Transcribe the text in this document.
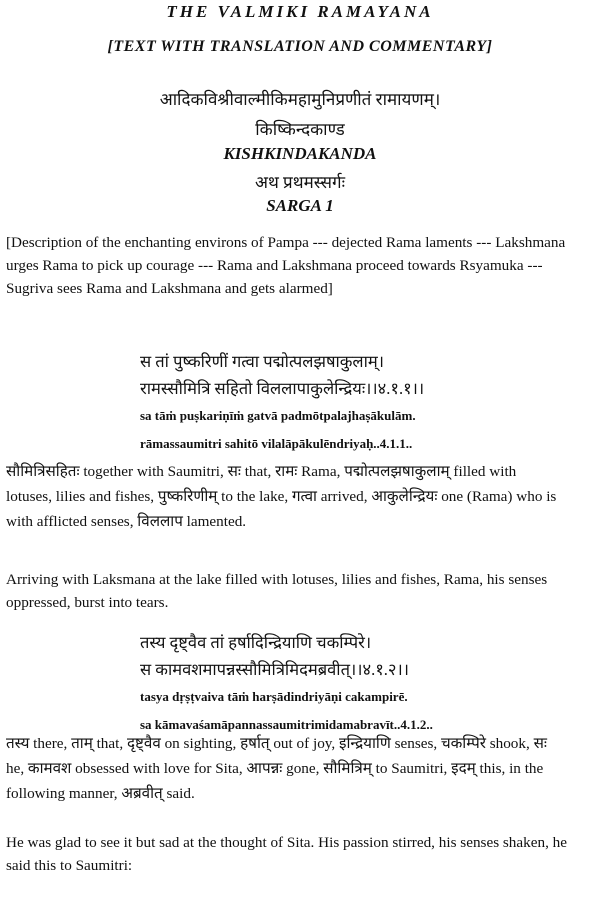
THE VALMIKI RAMAYANA
[TEXT WITH TRANSLATION AND COMMENTARY]
आदिकविश्रीवाल्मीकिमहामुनिप्रणीतं रामायणम्।
किष्किन्दकाण्ड
KISHKINDAKANDA
अथ प्रथमस्सर्गः
SARGA 1
[Description of the enchanting environs of Pampa --- dejected Rama laments --- Lakshmana
urges Rama to pick up courage --- Rama and Lakshmana proceed towards Rsyamuka ---
Sugriva sees Rama and Lakshmana and gets alarmed]
स तां पुष्करिणीं गत्वा पद्मोत्पलझषाकुलाम्।
रामस्सौमित्रि सहितो विललापाकुलेन्द्रियः।।४.१.१।।
sa tāṁ puṣkariṇīṁ gatvā padmōtpalajhaṣākulām.
rāmassaumitri sahitō vilalāpākulēndriyaḥ..4.1.1..
सौमित्रिसहितः together with Saumitri, सः that, रामः Rama, पद्मोत्पलझषाकुलाम् filled with
lotuses, lilies and fishes, पुष्करिणीम् to the lake, गत्वा arrived, आकुलेन्द्रियः one (Rama) who is
with afflicted senses, विललाप lamented.
Arriving with Laksmana at the lake filled with lotuses, lilies and fishes, Rama, his senses
oppressed, burst into tears.
तस्य दृष्ट्वैव तां हर्षादिन्द्रियाणि चकम्पिरे।
स कामवशमापन्नस्सौमित्रिमिदमब्रवीत्।।४.१.२।।
tasya dṛṣṭvaiva tāṁ harṣādindriyāṇi cakampirē.
sa kāmavaśamāpannassaumitrimidamabravīt..4.1.2..
तस्य there, ताम् that, दृष्ट्वैव on sighting, हर्षात् out of joy, इन्द्रियाणि senses, चकम्पिरे shook, सः
he, कामवश obsessed with love for Sita, आपन्नः gone, सौमित्रिम् to Saumitri, इदम् this, in the
following manner, अब्रवीत् said.
He was glad to see it but sad at the thought of Sita. His passion stirred, his senses shaken, he
said this to Saumitri:
